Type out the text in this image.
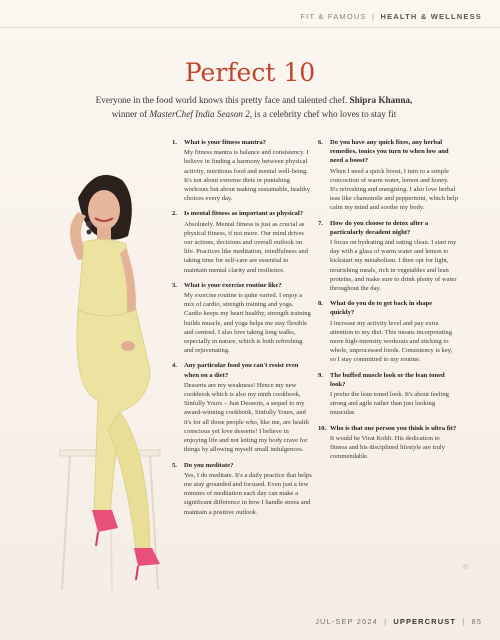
FIT & FAMOUS | HEALTH & WELLNESS
Perfect 10

Everyone in the food world knows this pretty face and talented chef. Shipra Khanna,
winner of MasterChef India Season 2, is a celebrity chef who loves to stay fit

1. What is your fitness mantra?
My fitness mantra is balance and consistency. I believe in finding a harmony between physical activity, nutritious food and mental well-being. It's not about extreme diets or punishing workouts but about making sustainable, healthy choices every day.
2. Is mental fitness as important as physical?
Absolutely. Mental fitness is just as crucial as physical fitness, if not more. Our mind drives our actions, decisions and overall outlook on life. Practices like meditation, mindfulness and taking time for self-care are essential to maintain mental clarity and resilience.
3. What is your exercise routine like?
My exercise routine is quite varied. I enjoy a mix of cardio, strength training and yoga. Cardio keeps my heart healthy, strength training builds muscle, and yoga helps me stay flexible and centred. I also love taking long walks, especially in nature, which is both refreshing and rejuvenating.
4. Any particular food you can't resist even when on a diet?
Desserts are my weakness! Hence my new cookbook which is also my ninth cookbook, Sinfully Yours – Just Desserts, a sequel to my award-winning cookbook, Sinfully Yours, and it's for all those people who, like me, are health conscious yet love desserts! I believe in enjoying life and not letting my body crave for things by allowing myself small indulgences.
5. Do you meditate?
Yes, I do meditate. It's a daily practice that helps me stay grounded and focused. Even just a few minutes of meditation each day can make a significant difference in how I handle stress and maintain a positive outlook.
6. Do you have any quick fixes, any herbal remedies, tonics you turn to when low and need a boost?
When I need a quick boost, I turn to a simple concoction of warm water, lemon and honey. It's refreshing and energising. I also love herbal teas like chamomile and peppermint, which help calm my mind and soothe my body.
7. How do you choose to detox after a particularly decadent night?
I focus on hydrating and eating clean. I start my day with a glass of warm water and lemon to kickstart my metabolism. I then opt for light, nourishing meals, rich in vegetables and lean proteins, and make sure to drink plenty of water throughout the day.
8. What do you do to get back in shape quickly?
I increase my activity level and pay extra attention to my diet. This means incorporating more high-intensity workouts and sticking to whole, unprocessed foods. Consistency is key, so I stay committed to my routine.
9. The buffed muscle look or the lean toned look?
I prefer the lean toned look. It's about feeling strong and agile rather than just looking muscular.
10. Who is that one person you think is ultra fit?
It would be Virat Kohli. His dedication to fitness and his disciplined lifestyle are truly commendable.
❊
JUL-SEP 2024 | UPPERCRUST | 85
